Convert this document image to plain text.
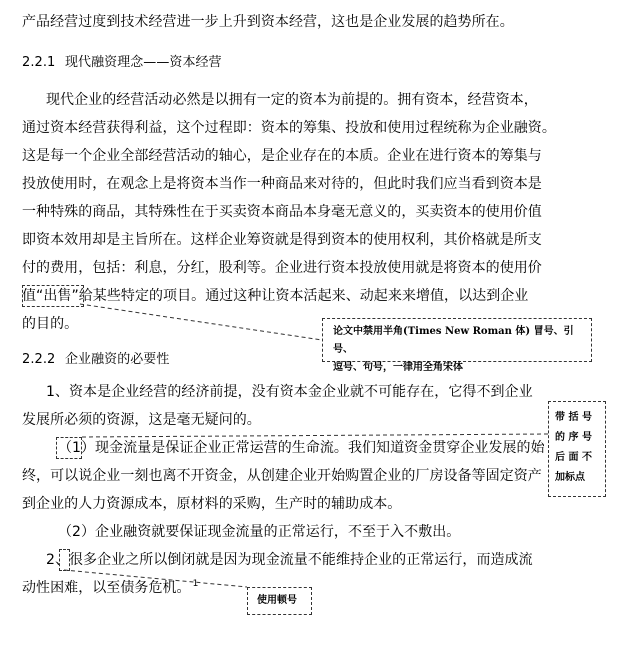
产品经营过度到技术经营进一步上升到资本经营，这也是企业发展的趋势所在。

2.2.1 现代融资理念——资本经营

现代企业的经营活动必然是以拥有一定的资本为前提的。拥有资本，经营资本，

通过资本经营获得利益，这个过程即：资本的筹集、投放和使用过程统称为企业融资。

这是每一个企业全部经营活动的轴心，是企业存在的本质。企业在进行资本的筹集与

投放使用时，在观念上是将资本当作一种商品来对待的，但此时我们应当看到资本是

一种特殊的商品，其特殊性在于买卖资本商品本身毫无意义的，买卖资本的使用价值

即资本效用却是主旨所在。这样企业筹资就是得到资本的使用权利，其价格就是所支

付的费用，包括：利息，分红，股利等。企业进行资本投放使用就是将资本的使用价

值“出售”给某些特定的项目。通过这种让资本活起来、动起来来增值，以达到企业

的目的。

2.2.2 企业融资的必要性

1、资本是企业经营的经济前提，没有资本金企业就不可能存在，它得不到企业

发展所必须的资源，这是毫无疑问的。

（1）现金流量是保证企业正常运营的生命流。我们知道资金贯穿企业发展的始

终，可以说企业一刻也离不开资金，从创建企业开始购置企业的厂房设备等固定资产

到企业的人力资源成本，原材料的采购，生产时的辅助成本。

（2）企业融资就要保证现金流量的正常运行，不至于入不敷出。

2、很多企业之所以倒闭就是因为现金流量不能维持企业的正常运行，而造成流

动性困难，以至债务危机。 $^1$

论文中禁用半角(Times New Roman 体) 冒号、引号、
逗号、句号，一律用全角宋体
带 括 号
的 序 号
后 面 不
加标点
使用顿号
